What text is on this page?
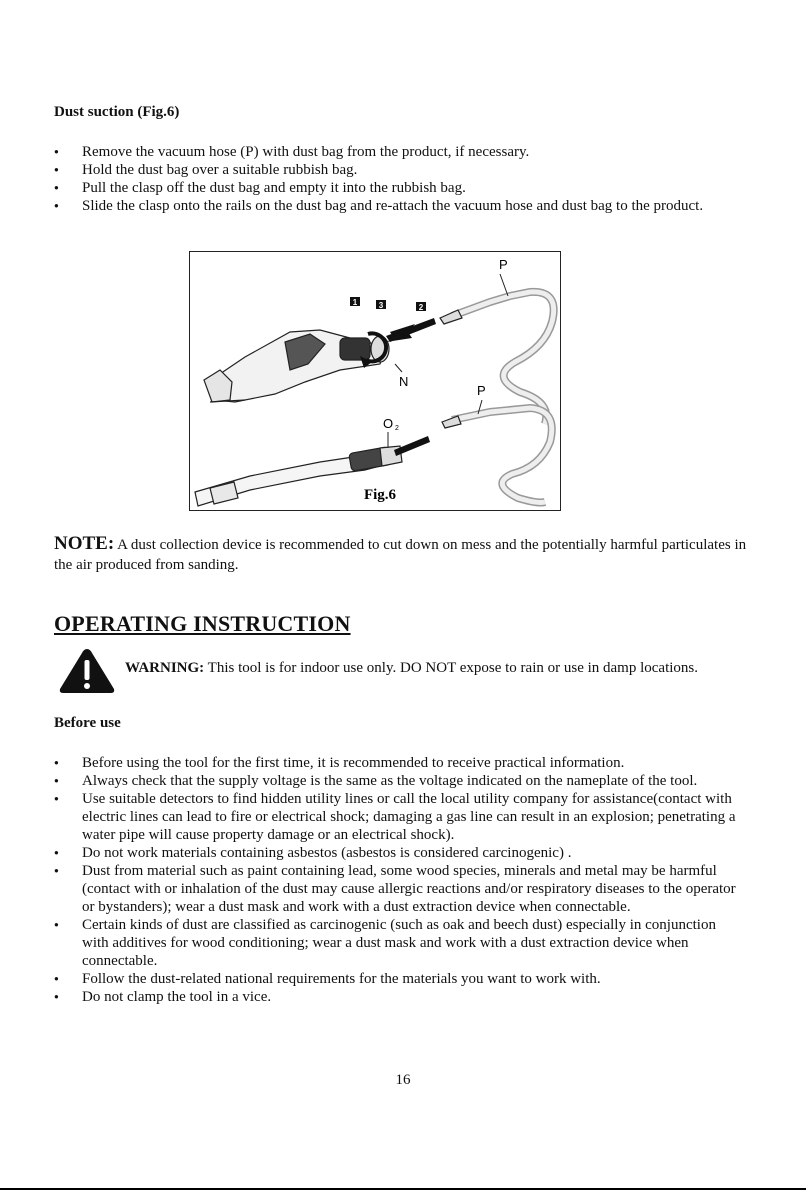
Dust suction (Fig.6)
● Remove the vacuum hose (P) with dust bag from the product, if necessary.
● Hold the dust bag over a suitable rubbish bag.
● Pull the clasp off the dust bag and empty it into the rubbish bag.
● Slide the clasp onto the rails on the dust bag and re-attach the vacuum hose and dust bag to the product.
1	3	2
P
N
O 2
P
Fig.6
NOTE: A dust collection device is recommended to cut down on mess and the potentially harmful particulates in the air produced from sanding.
OPERATING INSTRUCTION
WARNING: This tool is for indoor use only. DO NOT expose to rain or use in damp locations.
Before use
● Before using the tool for the first time, it is recommended to receive practical information.
● Always check that the supply voltage is the same as the voltage indicated on the nameplate of the tool.
● Use suitable detectors to find hidden utility lines or call the local utility company for assistance(contact with electric lines can lead to fire or electrical shock; damaging a gas line can result in an explosion; penetrating a water pipe will cause property damage or an electrical shock).
● Do not work materials containing asbestos (asbestos is considered carcinogenic) .
● Dust from material such as paint containing lead, some wood species, minerals and metal may be harmful (contact with or inhalation of the dust may cause allergic reactions and/or respiratory diseases to the operator or bystanders); wear a dust mask and work with a dust extraction device when connectable.
● Certain kinds of dust are classified as carcinogenic (such as oak and beech dust) especially in conjunction with additives for wood conditioning; wear a dust mask and work with a dust extraction device when connectable.
● Follow the dust-related national requirements for the materials you want to work with.
● Do not clamp the tool in a vice.
16
